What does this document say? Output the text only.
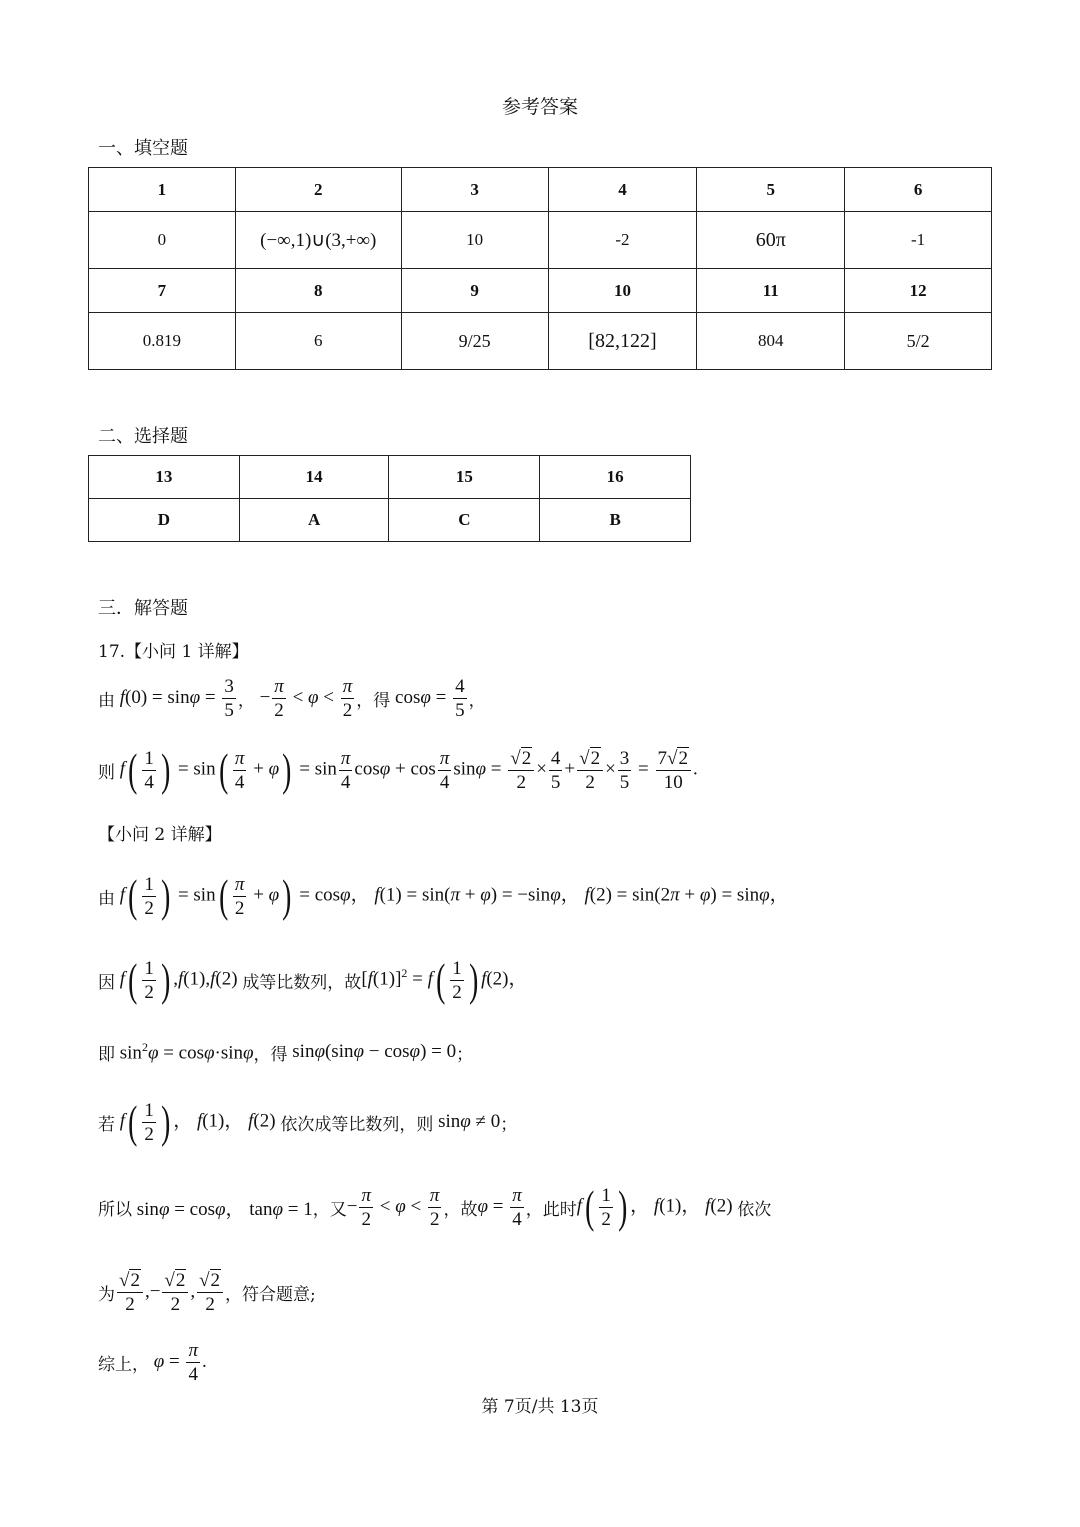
参考答案
一、填空题
1	2	3	4	5	6
0	(−∞,1)∪(3,+∞)	10	-2	60π	-1
7	8	9	10	11	12
0.819	6	9/25	[82,122]	804	5/2
二、选择题
13	14	15	16
D	A	C	B
三．解答题
17.【小问 1 详解】
由 $f(0) = \sin\varphi = \frac{3}{5}$ ， − $\frac{\pi}{2} < \varphi < \frac{\pi}{2}$ ，得 $\cos\varphi = \frac{4}{5}$ ，
则 $f( \frac{1}{4}$ ) = $\sin( \frac{\pi}{4} + \varphi) = \sin \frac{\pi}{4}$ $\cos\varphi + \cos \frac{\pi}{4}$ $\sin\varphi = \frac{√2}{2} \times \frac{4}{5} + \frac{√2}{2} \times \frac{3}{5} = \frac{7√2}{10}$ .
【小问 2 详解】
由 $f( \frac{1}{2}$ ) = $\sin( \frac{\pi}{2} + \varphi) = \cos\varphi$， f(1) = sin(π + φ) = −sinφ， f(2) = sin(2π + φ) = sinφ，
因 $f( \frac{1}{2}$ ) ,f(1),f(2) 成等比数列，故 $[f(1)]^2 = f( \frac{1}{2}$ ) f(2)，
即 $\sin^2\varphi = \cos\varphi\cdot\sin\varphi$ ，得 sinφ(sinφ − cosφ) = 0 ；
若 $f( \frac{1}{2}$ ) ， f(1)， f(2) 依次成等比数列，则 sinφ ≠ 0 ；
所以 sinφ = cosφ， tanφ = 1 ，又 − $\frac{\pi}{2} < \varphi < \frac{\pi}{2}$ ，故 $\varphi = \frac{\pi}{4}$ ，此时 $f( \frac{1}{2}$ ) ， f(1)， f(2) 依次
为 $\frac{√2}{2}$ ,− $\frac{√2}{2}$ , $\frac{√2}{2}$ ，符合题意;
综上， $\varphi = \frac{\pi}{4}$ .
第 7页/共 13页
